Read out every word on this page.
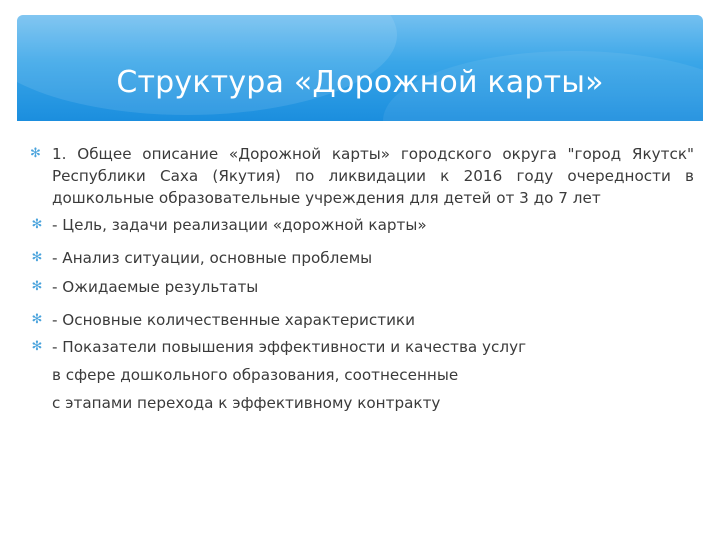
Структура «Дорожной карты»
✻ 1. Общее описание «Дорожной карты» городского округа "город Якутск" Республики Саха (Якутия) по ликвидации к 2016 году очередности в дошкольные образовательные учреждения для детей от 3 до 7 лет
✻ - Цель, задачи реализации «дорожной карты»
✻ - Анализ ситуации, основные проблемы
✻ - Ожидаемые результаты
✻ - Основные количественные характеристики
✻ - Показатели повышения эффективности и качества услуг
в сфере дошкольного образования, соотнесенные
с этапами перехода к эффективному контракту
